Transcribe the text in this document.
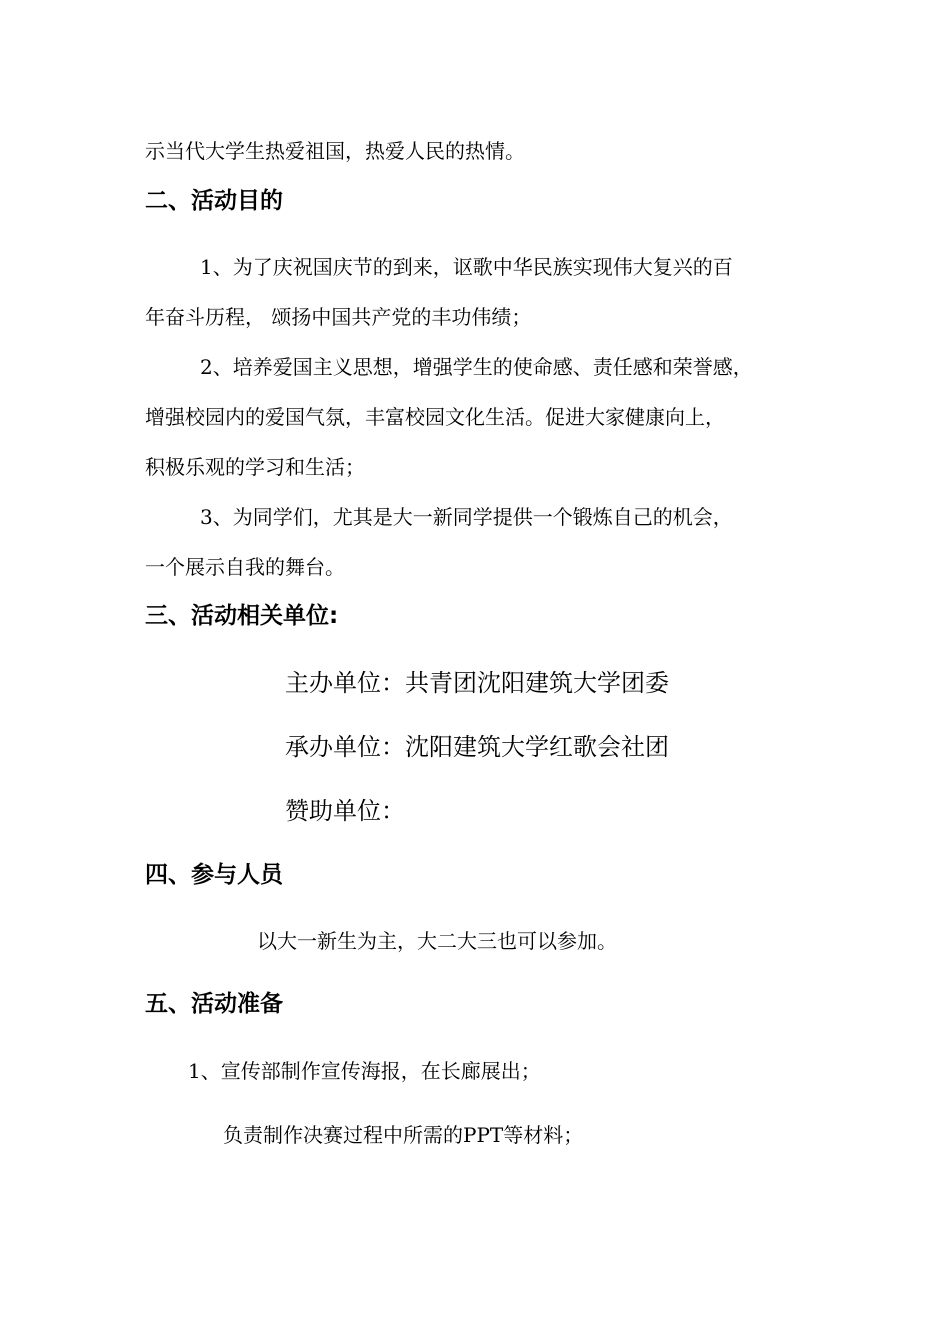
示当代大学生热爱祖国，热爱人民的热情。
二、活动目的
1、为了庆祝国庆节的到来，讴歌中华民族实现伟大复兴的百
年奋斗历程， 颂扬中国共产党的丰功伟绩；
2、培养爱国主义思想，增强学生的使命感、责任感和荣誉感，
增强校园内的爱国气氛，丰富校园文化生活。促进大家健康向上，
积极乐观的学习和生活；
3、为同学们，尤其是大一新同学提供一个锻炼自己的机会，
一个展示自我的舞台。
三、活动相关单位:
主办单位：共青团沈阳建筑大学团委
承办单位：沈阳建筑大学红歌会社团
赞助单位：
四、参与人员
以大一新生为主，大二大三也可以参加。
五、活动准备
1、宣传部制作宣传海报，在长廊展出；
负责制作决赛过程中所需的PPT等材料；
